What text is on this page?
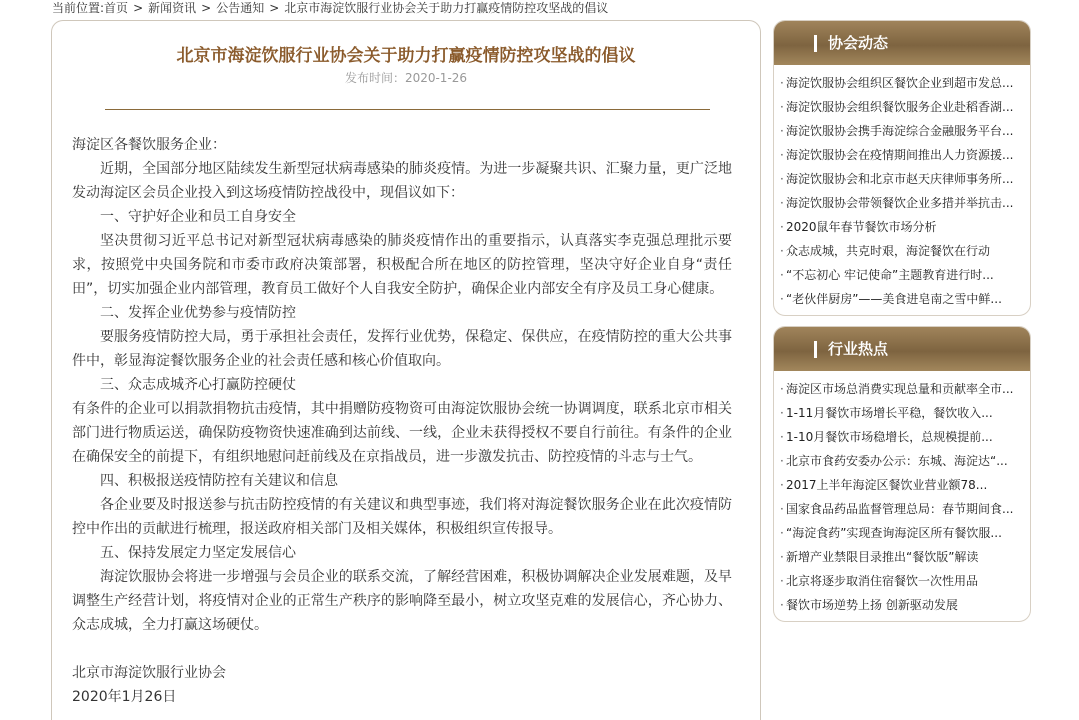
当前位置:首页 > 新闻资讯 > 公告通知 > 北京市海淀饮服行业协会关于助力打赢疫情防控攻坚战的倡议
北京市海淀饮服行业协会关于助力打赢疫情防控攻坚战的倡议
发布时间：2020-1-26

海淀区各餐饮服务企业：

近期，全国部分地区陆续发生新型冠状病毒感染的肺炎疫情。为进一步凝聚共识、汇聚力量，更广泛地发动海淀区会员企业投入到这场疫情防控战役中，现倡议如下：

一、守护好企业和员工自身安全

坚决贯彻习近平总书记对新型冠状病毒感染的肺炎疫情作出的重要指示，认真落实李克强总理批示要求，按照党中央国务院和市委市政府决策部署，积极配合所在地区的防控管理，坚决守好企业自身“责任田”，切实加强企业内部管理，教育员工做好个人自我安全防护，确保企业内部安全有序及员工身心健康。

二、发挥企业优势参与疫情防控

要服务疫情防控大局，勇于承担社会责任，发挥行业优势，保稳定、保供应，在疫情防控的重大公共事件中，彰显海淀餐饮服务企业的社会责任感和核心价值取向。

三、众志成城齐心打赢防控硬仗

有条件的企业可以捐款捐物抗击疫情，其中捐赠防疫物资可由海淀饮服协会统一协调调度，联系北京市相关部门进行物质运送，确保防疫物资快速准确到达前线、一线，企业未获得授权不要自行前往。有条件的企业在确保安全的前提下，有组织地慰问赶前线及在京指战员，进一步激发抗击、防控疫情的斗志与士气。

四、积极报送疫情防控有关建议和信息

各企业要及时报送参与抗击防控疫情的有关建议和典型事迹，我们将对海淀餐饮服务企业在此次疫情防控中作出的贡献进行梳理，报送政府相关部门及相关媒体，积极组织宣传报导。

五、保持发展定力坚定发展信心

海淀饮服协会将进一步增强与会员企业的联系交流，了解经营困难，积极协调解决企业发展难题，及早调整生产经营计划，将疫情对企业的正常生产秩序的影响降至最小，树立攻坚克难的发展信心，齐心协力、众志成城，全力打赢这场硬仗。

北京市海淀饮服行业协会

2020年1月26日

协会动态
· 海淀饮服协会组织区餐饮企业到超市发总...
· 海淀饮服协会组织餐饮服务企业赴稻香湖...
· 海淀饮服协会携手海淀综合金融服务平台...
· 海淀饮服协会在疫情期间推出人力资源援...
· 海淀饮服协会和北京市赵天庆律师事务所...
· 海淀饮服协会带领餐饮企业多措并举抗击...
· 2020鼠年春节餐饮市场分析
· 众志成城，共克时艰，海淀餐饮在行动
· “不忘初心 牢记使命”主题教育进行时...
· “老伙伴厨房”——美食进皂南之雪中鲜...
行业热点
· 海淀区市场总消费实现总量和贡献率全市...
· 1-11月餐饮市场增长平稳，餐饮收入...
· 1-10月餐饮市场稳增长，总规模提前...
· 北京市食药安委办公示：东城、海淀达“...
· 2017上半年海淀区餐饮业营业额78...
· 国家食品药品监督管理总局：春节期间食...
· “海淀食药”实现查询海淀区所有餐饮服...
· 新增产业禁限目录推出“餐饮版”解读
· 北京将逐步取消住宿餐饮一次性用品
· 餐饮市场逆势上扬 创新驱动发展
